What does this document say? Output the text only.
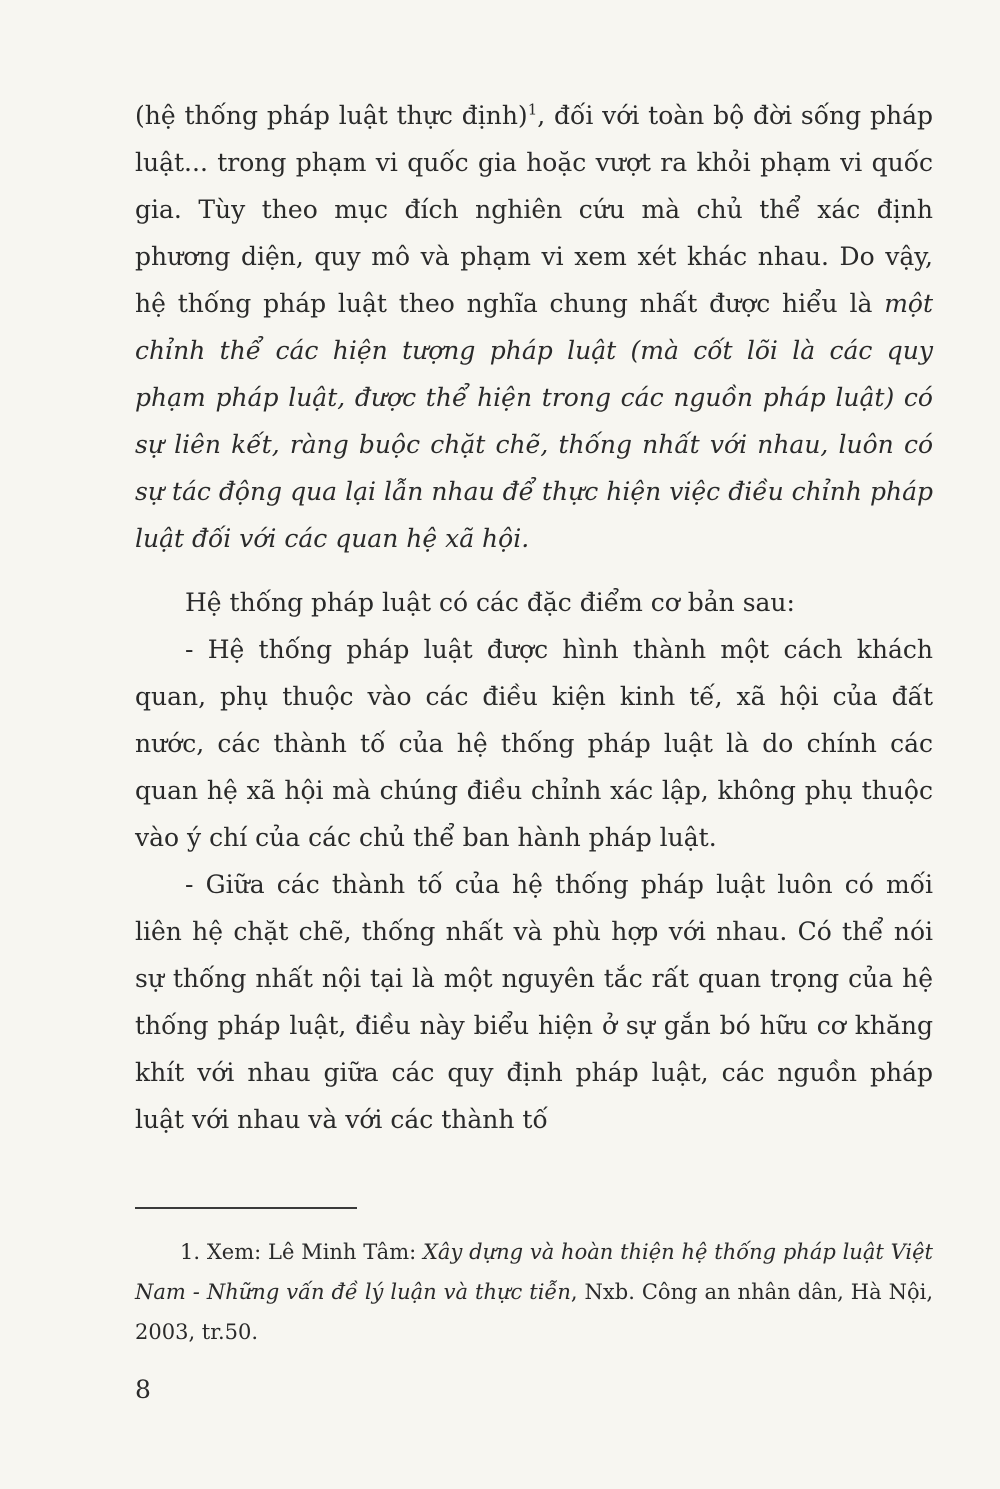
(hệ thống pháp luật thực định)$^1$, đối với toàn bộ đời sống pháp luật... trong phạm vi quốc gia hoặc vượt ra khỏi phạm vi quốc gia. Tùy theo mục đích nghiên cứu mà chủ thể xác định phương diện, quy mô và phạm vi xem xét khác nhau. Do vậy, hệ thống pháp luật theo nghĩa chung nhất được hiểu là một chỉnh thể các hiện tượng pháp luật (mà cốt lõi là các quy phạm pháp luật, được thể hiện trong các nguồn pháp luật) có sự liên kết, ràng buộc chặt chẽ, thống nhất với nhau, luôn có sự tác động qua lại lẫn nhau để thực hiện việc điều chỉnh pháp luật đối với các quan hệ xã hội.

Hệ thống pháp luật có các đặc điểm cơ bản sau:

- Hệ thống pháp luật được hình thành một cách khách quan, phụ thuộc vào các điều kiện kinh tế, xã hội của đất nước, các thành tố của hệ thống pháp luật là do chính các quan hệ xã hội mà chúng điều chỉnh xác lập, không phụ thuộc vào ý chí của các chủ thể ban hành pháp luật.

- Giữa các thành tố của hệ thống pháp luật luôn có mối liên hệ chặt chẽ, thống nhất và phù hợp với nhau. Có thể nói sự thống nhất nội tại là một nguyên tắc rất quan trọng của hệ thống pháp luật, điều này biểu hiện ở sự gắn bó hữu cơ khăng khít với nhau giữa các quy định pháp luật, các nguồn pháp luật với nhau và với các thành tố

1. Xem: Lê Minh Tâm: Xây dựng và hoàn thiện hệ thống pháp luật Việt Nam - Những vấn đề lý luận và thực tiễn, Nxb. Công an nhân dân, Hà Nội, 2003, tr.50.

8
